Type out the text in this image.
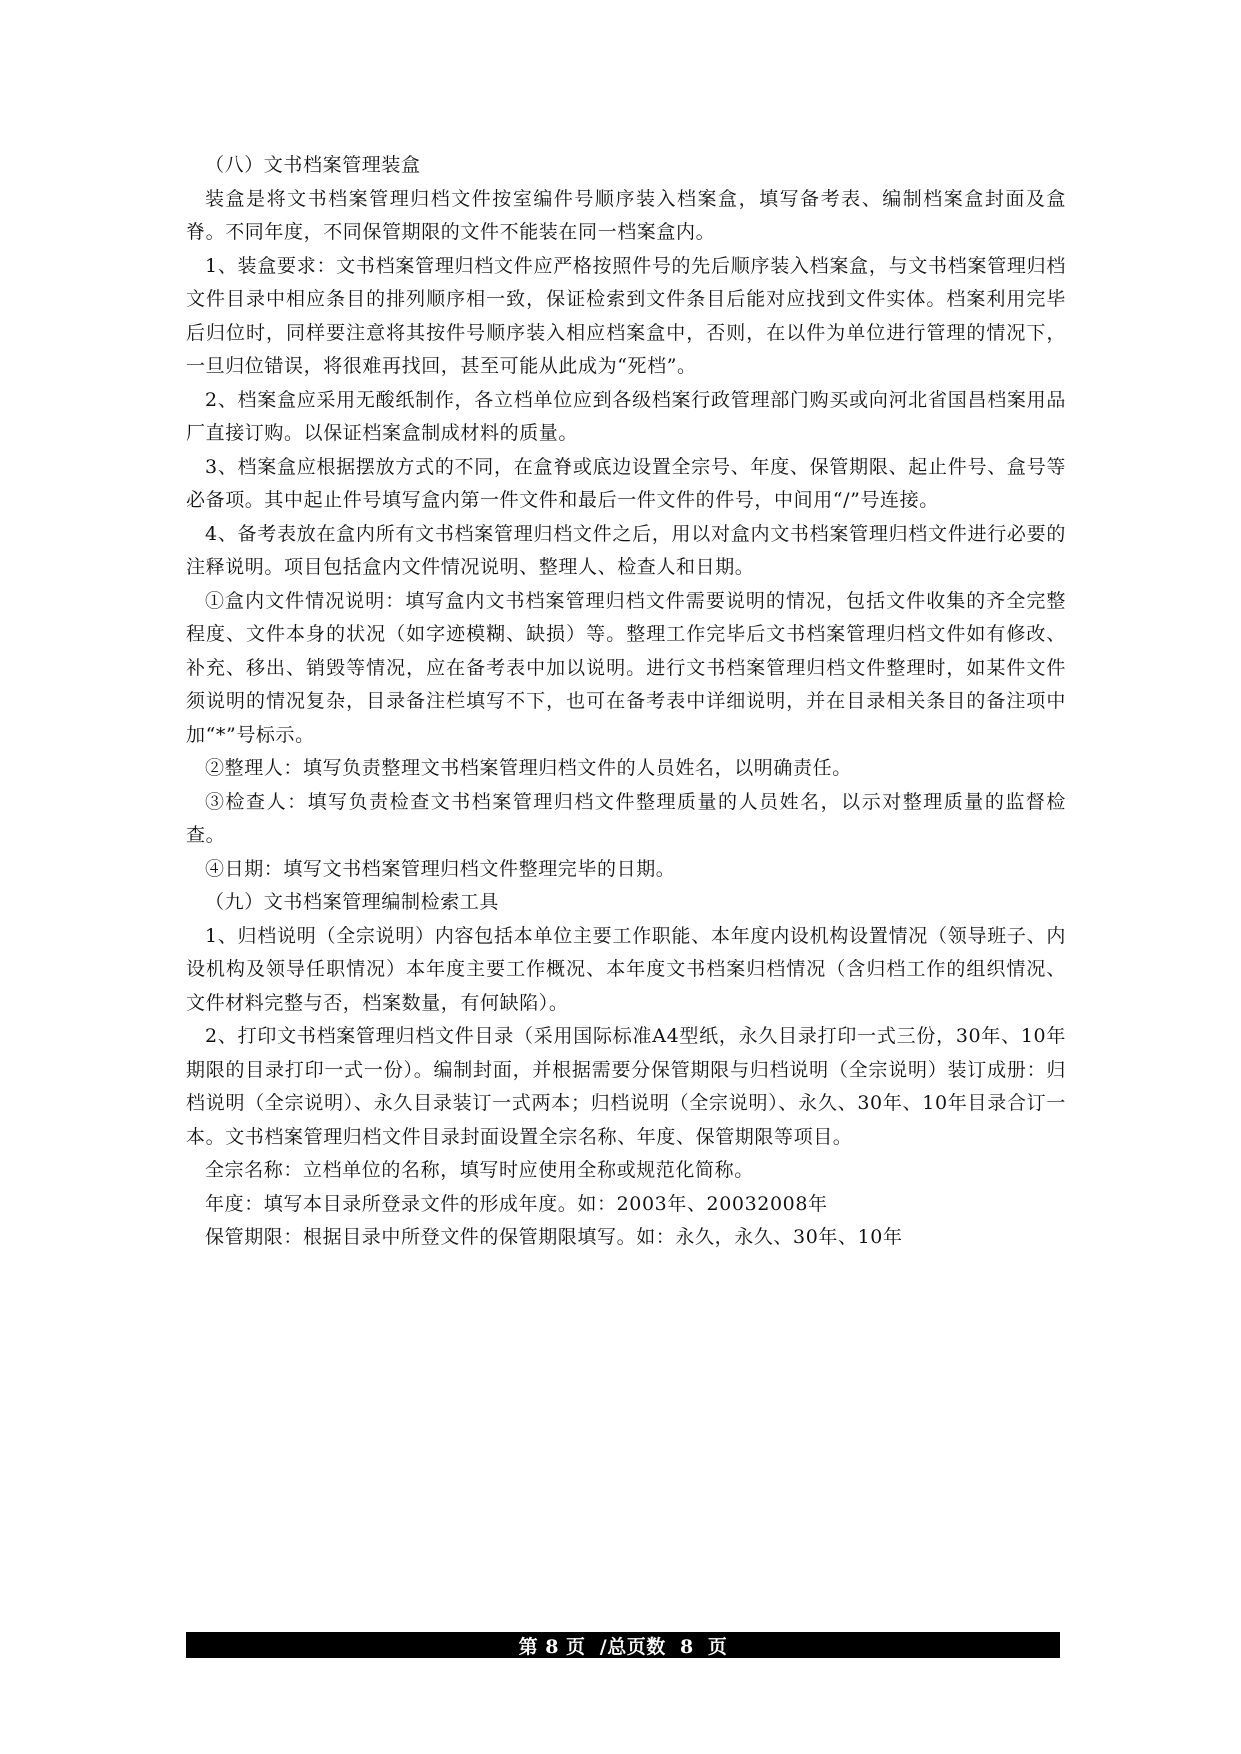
（八）文书档案管理装盒

装盒是将文书档案管理归档文件按室编件号顺序装入档案盒，填写备考表、编制档案盒封面及盒脊。不同年度，不同保管期限的文件不能装在同一档案盒内。

1、装盒要求：文书档案管理归档文件应严格按照件号的先后顺序装入档案盒，与文书档案管理归档文件目录中相应条目的排列顺序相一致，保证检索到文件条目后能对应找到文件实体。档案利用完毕后归位时，同样要注意将其按件号顺序装入相应档案盒中，否则，在以件为单位进行管理的情况下，一旦归位错误，将很难再找回，甚至可能从此成为“死档”。

2、档案盒应采用无酸纸制作，各立档单位应到各级档案行政管理部门购买或向河北省国昌档案用品厂直接订购。以保证档案盒制成材料的质量。

3、档案盒应根据摆放方式的不同，在盒脊或底边设置全宗号、年度、保管期限、起止件号、盒号等必备项。其中起止件号填写盒内第一件文件和最后一件文件的件号，中间用“/”号连接。

4、备考表放在盒内所有文书档案管理归档文件之后，用以对盒内文书档案管理归档文件进行必要的注释说明。项目包括盒内文件情况说明、整理人、检查人和日期。

①盒内文件情况说明：填写盒内文书档案管理归档文件需要说明的情况，包括文件收集的齐全完整程度、文件本身的状况（如字迹模糊、缺损）等。整理工作完毕后文书档案管理归档文件如有修改、补充、移出、销毁等情况，应在备考表中加以说明。进行文书档案管理归档文件整理时，如某件文件须说明的情况复杂，目录备注栏填写不下，也可在备考表中详细说明，并在目录相关条目的备注项中加“*”号标示。

②整理人：填写负责整理文书档案管理归档文件的人员姓名，以明确责任。

③检查人：填写负责检查文书档案管理归档文件整理质量的人员姓名，以示对整理质量的监督检查。

④日期：填写文书档案管理归档文件整理完毕的日期。

（九）文书档案管理编制检索工具

1、归档说明（全宗说明）内容包括本单位主要工作职能、本年度内设机构设置情况（领导班子、内设机构及领导任职情况）本年度主要工作概况、本年度文书档案归档情况（含归档工作的组织情况、文件材料完整与否，档案数量，有何缺陷）。

2、打印文书档案管理归档文件目录（采用国际标准A4型纸，永久目录打印一式三份，30年、10年期限的目录打印一式一份）。编制封面，并根据需要分保管期限与归档说明（全宗说明）装订成册：归档说明（全宗说明）、永久目录装订一式两本；归档说明（全宗说明）、永久、30年、10年目录合订一本。文书档案管理归档文件目录封面设置全宗名称、年度、保管期限等项目。

全宗名称：立档单位的名称，填写时应使用全称或规范化简称。

年度：填写本目录所登录文件的形成年度。如：2003年、20032008年

保管期限：根据目录中所登文件的保管期限填写。如：永久，永久、30年、10年

第 8 页  /总页数  8  页
